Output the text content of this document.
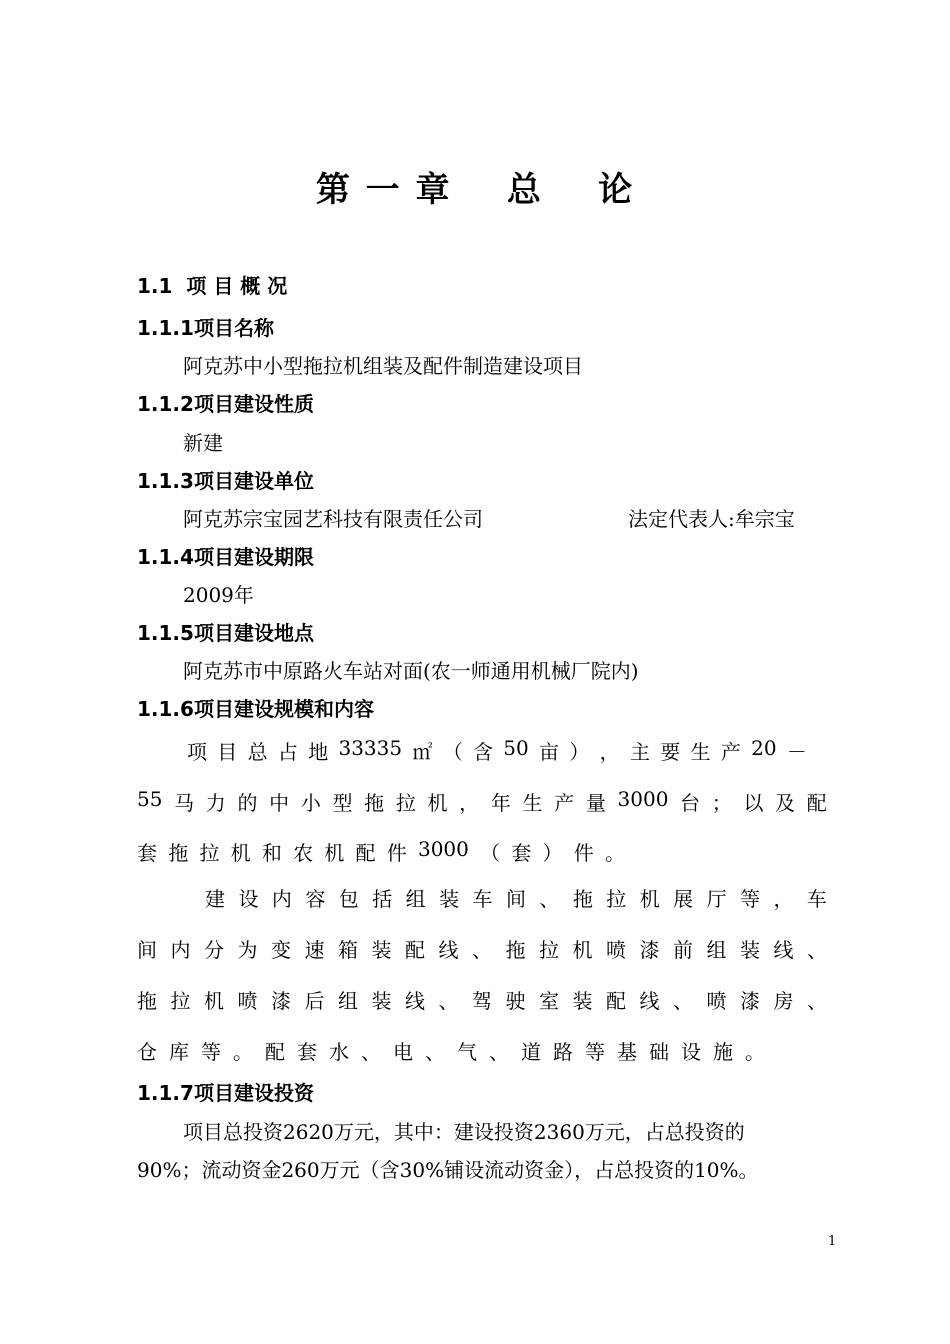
第 一 章    总    论
1.1  项 目 概 况
1.1.1项目名称
阿克苏中小型拖拉机组装及配件制造建设项目
1.1.2项目建设性质
新建
1.1.3项目建设单位
阿克苏宗宝园艺科技有限责任公司	法定代表人:牟宗宝
1.1.4项目建设期限
2009年
1.1.5项目建设地点
阿克苏市中原路火车站对面(农一师通用机械厂院内)
1.1.6项目建设规模和内容
项 目 总 占 地 33335 ㎡ （ 含 50 亩 ） ， 主 要 生 产 20 －
55 马 力 的 中 小 型 拖 拉 机 ， 年 生 产 量 3000 台 ； 以 及 配
套 拖 拉 机 和 农 机 配 件 3000 （ 套 ） 件 。
建 设 内 容 包 括 组 装 车 间 、 拖 拉 机 展 厅 等 ， 车
间 内 分 为 变 速 箱 装 配 线 、 拖 拉 机 喷 漆 前 组 装 线 、
拖 拉 机 喷 漆 后 组 装 线 、 驾 驶 室 装 配 线 、 喷 漆 房 、
仓 库 等 。 配 套 水 、 电 、 气 、 道 路 等 基 础 设 施 。
1.1.7项目建设投资
项目总投资2620万元，其中：建设投资2360万元，占总投资的
90%；流动资金260万元（含30%铺设流动资金），占总投资的10%。
1
